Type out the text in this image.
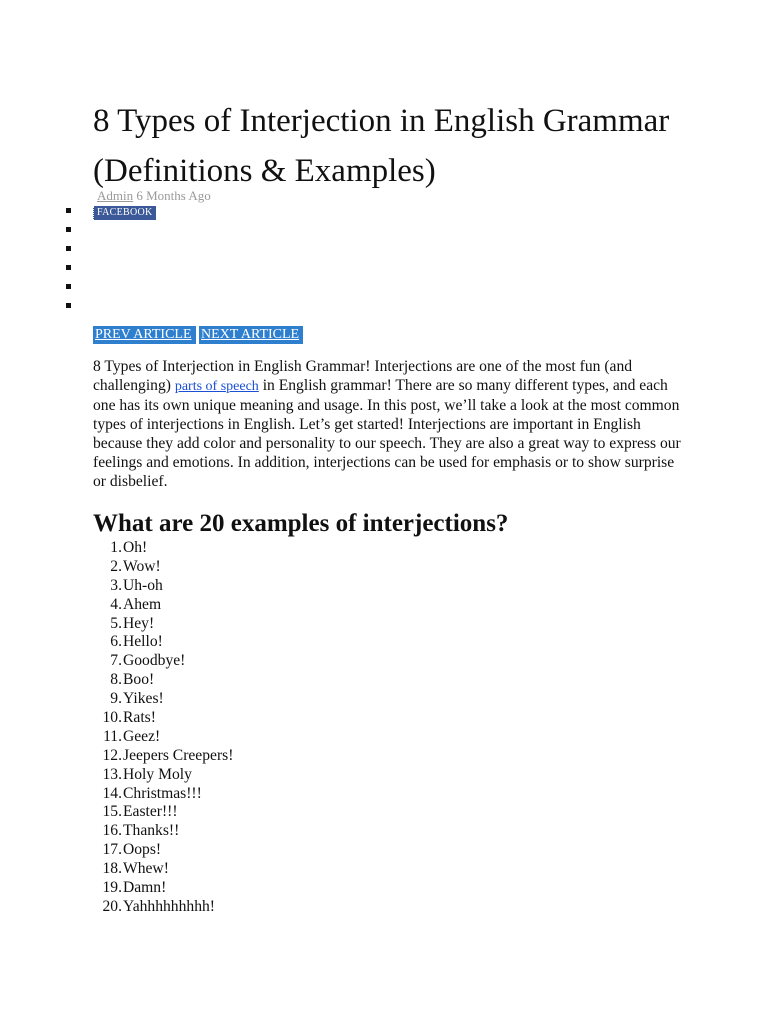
8 Types of Interjection in English Grammar (Definitions & Examples)
Admin 6 Months Ago
FACEBOOK
PREV ARTICLE NEXT ARTICLE

8 Types of Interjection in English Grammar! Interjections are one of the most fun (and challenging) parts of speech in English grammar! There are so many different types, and each one has its own unique meaning and usage. In this post, we’ll take a look at the most common types of interjections in English. Let’s get started! Interjections are important in English because they add color and personality to our speech. They are also a great way to express our feelings and emotions. In addition, interjections can be used for emphasis or to show surprise or disbelief.

What are 20 examples of interjections?
1.Oh!
2.Wow!
3.Uh-oh
4.Ahem
5.Hey!
6.Hello!
7.Goodbye!
8.Boo!
9.Yikes!
10.Rats!
11.Geez!
12.Jeepers Creepers!
13.Holy Moly
14.Christmas!!!
15.Easter!!!
16.Thanks!!
17.Oops!
18.Whew!
19.Damn!
20.Yahhhhhhhhh!
